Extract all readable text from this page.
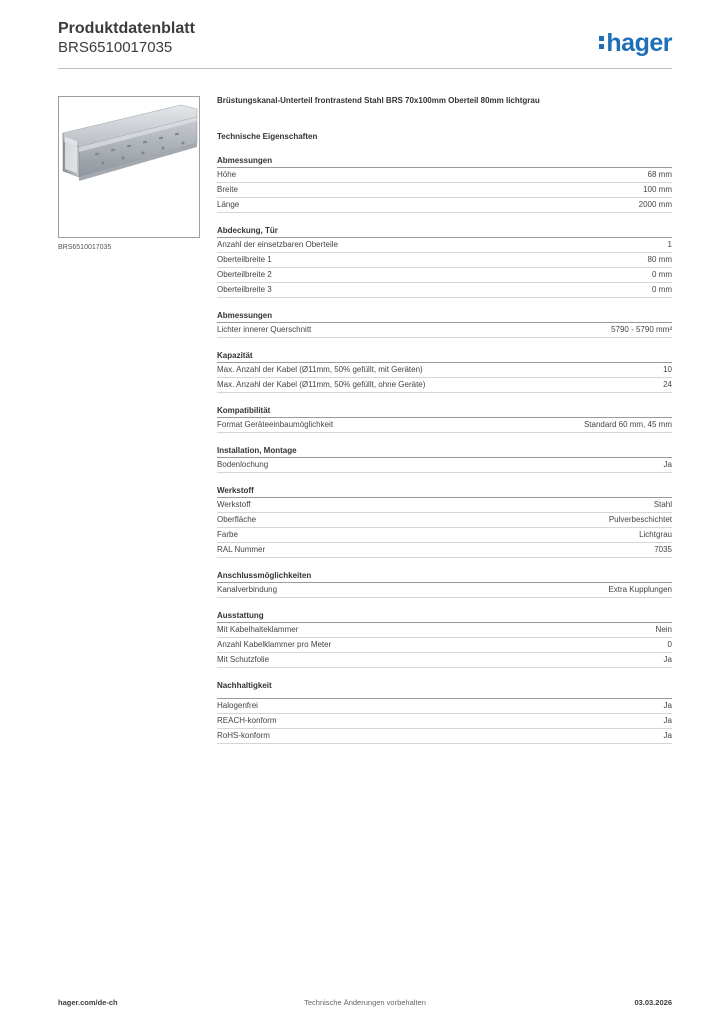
Produktdatenblatt
BRS6510017035	hager
BRS6510017035
Brüstungskanal-Unterteil frontrastend Stahl BRS 70x100mm Oberteil 80mm lichtgrau
Technische Eigenschaften
Abmessungen
Höhe	68 mm
Breite	100 mm
Länge	2000 mm
Abdeckung, Tür
Anzahl der einsetzbaren Oberteile	1
Oberteilbreite 1	80 mm
Oberteilbreite 2	0 mm
Oberteilbreite 3	0 mm
Abmessungen
Lichter innerer Querschnitt	5790 - 5790 mm²
Kapazität
Max. Anzahl der Kabel (Ø11mm, 50% gefüllt, mit Geräten)	10
Max. Anzahl der Kabel (Ø11mm, 50% gefüllt, ohne Geräte)	24
Kompatibilität
Format Geräteeinbaumöglichkeit	Standard 60 mm, 45 mm
Installation, Montage
Bodenlochung	Ja
Werkstoff
Werkstoff	Stahl
Oberfläche	Pulverbeschichtet
Farbe	Lichtgrau
RAL Nummer	7035
Anschlussmöglichkeiten
Kanalverbindung	Extra Kupplungen
Ausstattung
Mit Kabelhalteklammer	Nein
Anzahl Kabelklammer pro Meter	0
Mit Schutzfolie	Ja
Nachhaltigkeit
Halogenfrei	Ja
REACH-konform	Ja
RoHS-konform	Ja
hager.com/de-ch	Technische Änderungen vorbehalten	03.03.2026
